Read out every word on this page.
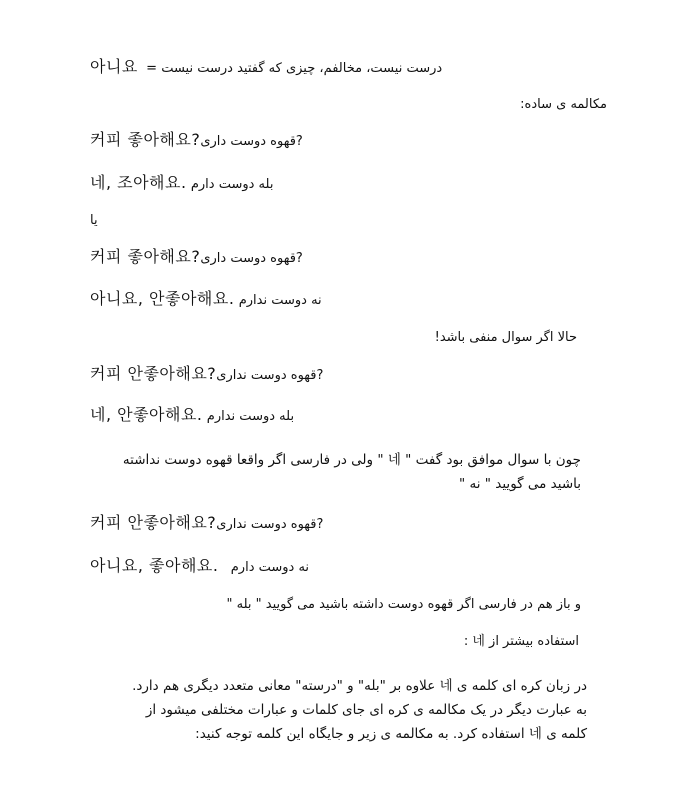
아니요 درست نیست، مخالفم، چیزی که گفتید درست نیست =
مکالمه ی ساده:
커피 좋아해요??قهوه دوست داری
네, 조아해요. بله دوست دارم
یا
커피 좋아해요??قهوه دوست داری
아니요, 안좋아해요. نه دوست ندارم
حالا اگر سوال منفی باشد!
커피 안좋아해요??قهوه دوست نداری
네, 안좋아해요. بله دوست ندارم
چون با سوال موافق بود گفت " 네 " ولی در فارسی اگر واقعا قهوه دوست نداشته
باشید می گویید " نه "
커피 안좋아해요??قهوه دوست نداری
아니요, 좋아해요. نه دوست دارم
و باز هم در فارسی اگر قهوه دوست داشته باشید می گویید " بله "
استفاده بیشتر از 네 :
در زبان کره ای کلمه ی 네 علاوه بر "بله" و "درسته" معانی متعدد دیگری هم دارد.
به عبارت دیگر در یک مکالمه ی کره ای جای کلمات و عبارات مختلفی میشود از
کلمه ی 네 استفاده کرد. به مکالمه ی زیر و جایگاه این کلمه توجه کنید:
